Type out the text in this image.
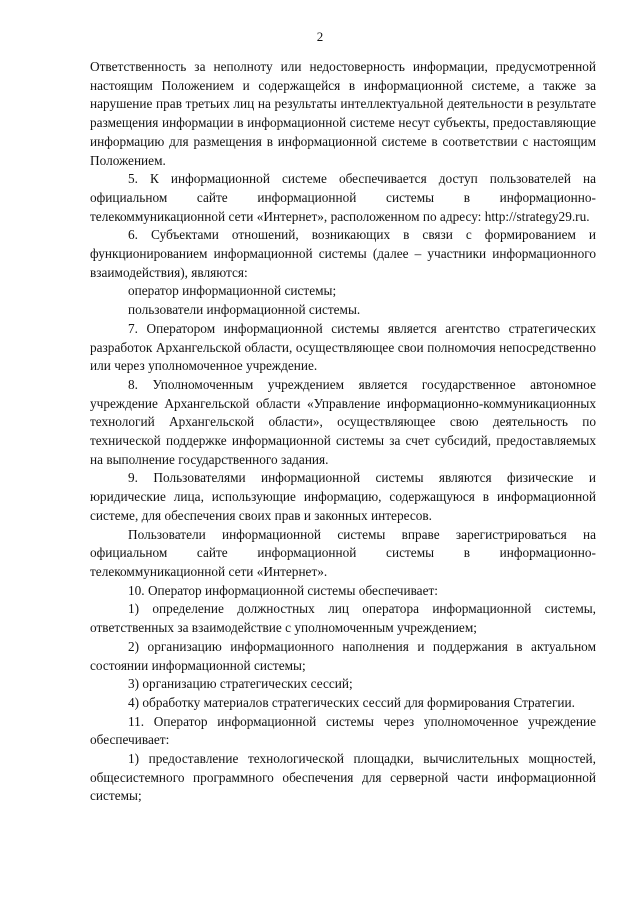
2

Ответственность за неполноту или недостоверность информации, предусмотренной настоящим Положением и содержащейся в информационной системе, а также за нарушение прав третьих лиц на результаты интеллектуальной деятельности в результате размещения информации в информационной системе несут субъекты, предоставляющие информацию для размещения в информационной системе в соответствии с настоящим Положением.

5. К информационной системе обеспечивается доступ пользователей на официальном сайте информационной системы в информационно-телекоммуникационной сети «Интернет», расположенном по адресу: http://strategy29.ru.

6. Субъектами отношений, возникающих в связи с формированием и функционированием информационной системы (далее – участники информационного взаимодействия), являются:

оператор информационной системы;

пользователи информационной системы.

7. Оператором информационной системы является агентство стратегических разработок Архангельской области, осуществляющее свои полномочия непосредственно или через уполномоченное учреждение.

8. Уполномоченным учреждением является государственное автономное учреждение Архангельской области «Управление информационно-коммуникационных технологий Архангельской области», осуществляющее свою деятельность по технической поддержке информационной системы за счет субсидий, предоставляемых на выполнение государственного задания.

9. Пользователями информационной системы являются физические и юридические лица, использующие информацию, содержащуюся в информационной системе, для обеспечения своих прав и законных интересов.

Пользователи информационной системы вправе зарегистрироваться на официальном сайте информационной системы в информационно-телекоммуникационной сети «Интернет».

10. Оператор информационной системы обеспечивает:

1) определение должностных лиц оператора информационной системы, ответственных за взаимодействие с уполномоченным учреждением;

2) организацию информационного наполнения и поддержания в актуальном состоянии информационной системы;

3) организацию стратегических сессий;

4) обработку материалов стратегических сессий для формирования Стратегии.

11. Оператор информационной системы через уполномоченное учреждение обеспечивает:

1) предоставление технологической площадки, вычислительных мощностей, общесистемного программного обеспечения для серверной части информационной системы;
